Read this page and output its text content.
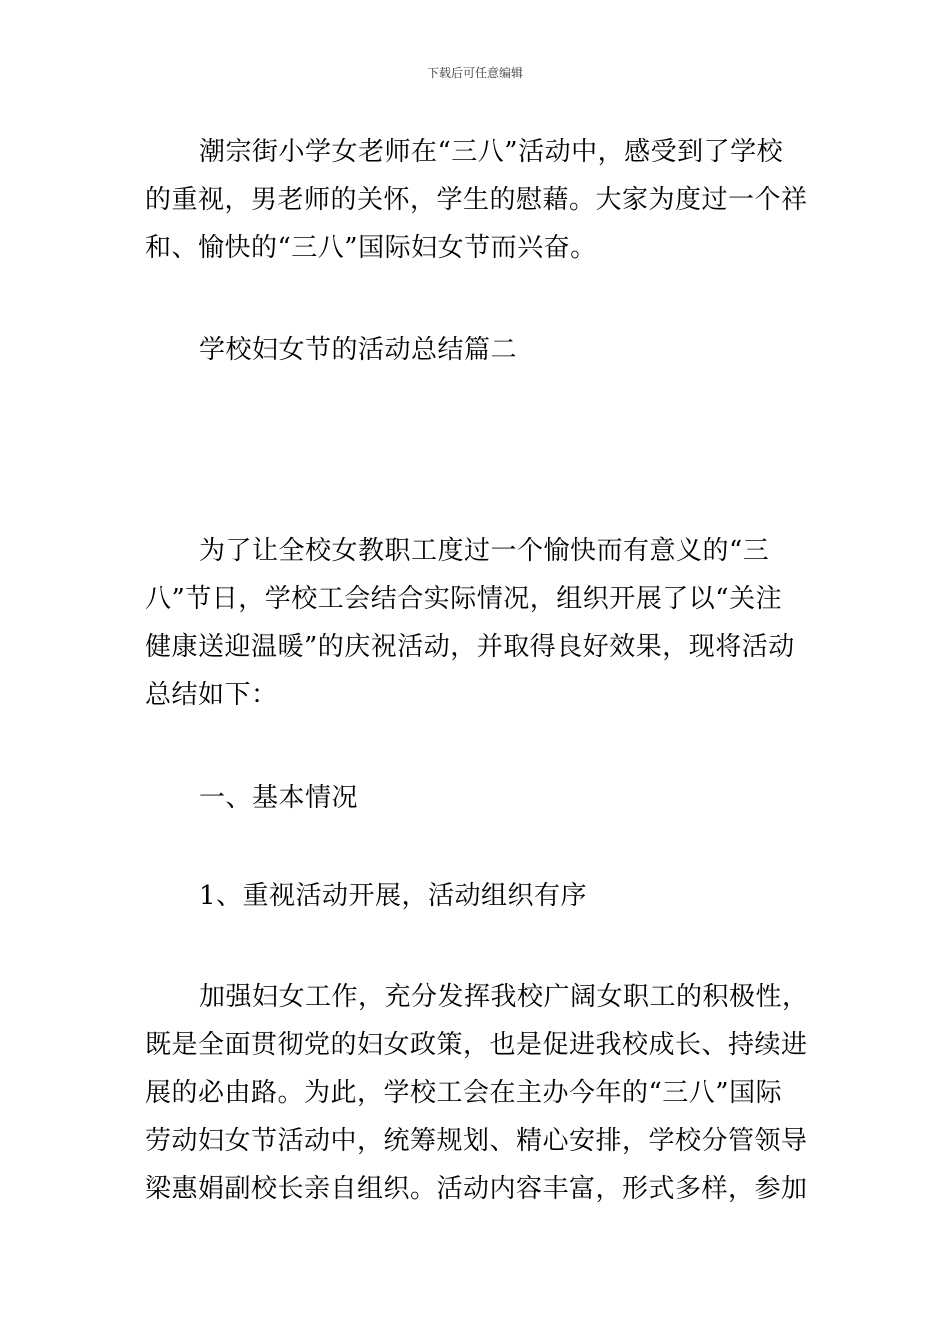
下载后可任意编辑
潮宗街小学女老师在“三八”活动中，感受到了学校
的重视，男老师的关怀，学生的慰藉。大家为度过一个祥
和、愉快的“三八”国际妇女节而兴奋。
学校妇女节的活动总结篇二
为了让全校女教职工度过一个愉快而有意义的“三
八”节日，学校工会结合实际情况，组织开展了以“关注
健康送迎温暖”的庆祝活动，并取得良好效果，现将活动
总结如下：
一、基本情况
1、重视活动开展，活动组织有序
加强妇女工作，充分发挥我校广阔女职工的积极性，
既是全面贯彻党的妇女政策，也是促进我校成长、持续进
展的必由路。为此，学校工会在主办今年的“三八”国际
劳动妇女节活动中，统筹规划、精心安排，学校分管领导
梁惠娟副校长亲自组织。活动内容丰富，形式多样，参加
